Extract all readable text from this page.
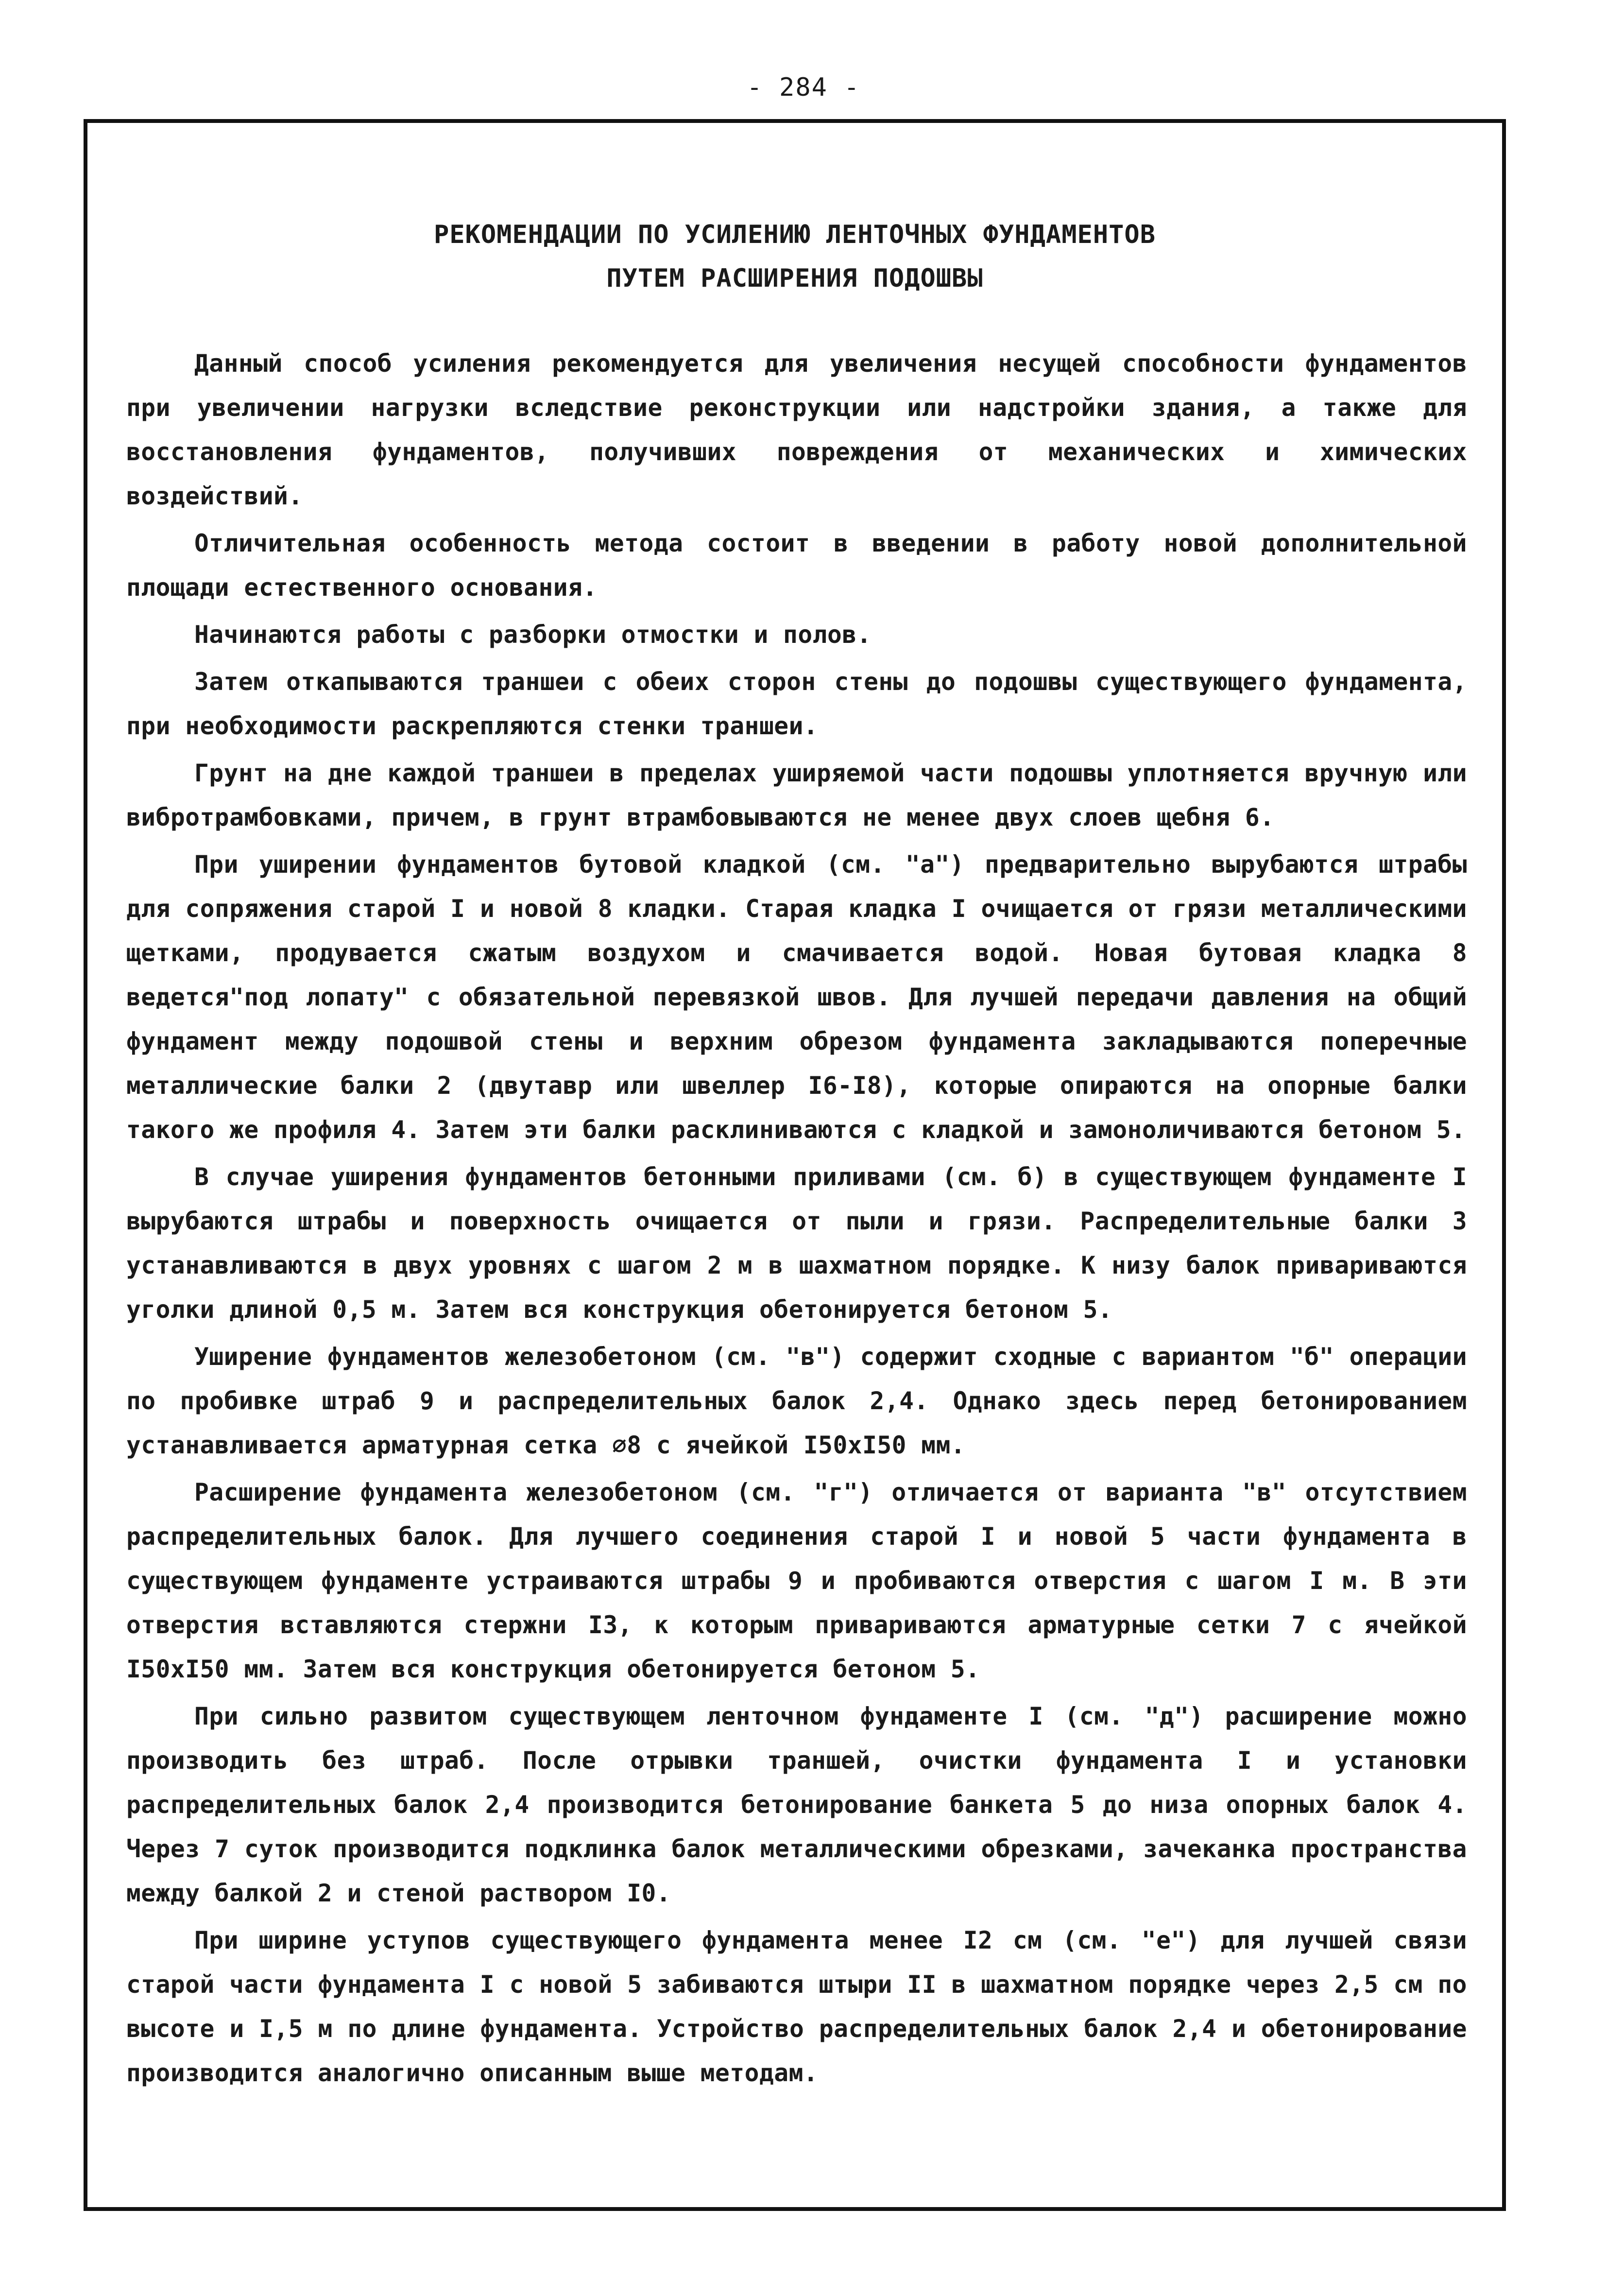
- 284 -
РЕКОМЕНДАЦИИ ПО УСИЛЕНИЮ ЛЕНТОЧНЫХ ФУНДАМЕНТОВ
ПУТЕМ РАСШИРЕНИЯ ПОДОШВЫ

Данный способ усиления рекомендуется для увеличения несущей способности фундаментов при увеличении нагрузки вследствие реконструкции или надстройки здания, а также для восстановления фундаментов, получивших повреждения от механических и химических воздействий.

Отличительная особенность метода состоит в введении в работу новой дополнительной площади естественного основания.

Начинаются работы с разборки отмостки и полов.

Затем откапываются траншеи с обеих сторон стены до подошвы существующего фундамента, при необходимости раскрепляются стенки траншеи.

Грунт на дне каждой траншеи в пределах уширяемой части подошвы уплотняется вручную или вибротрамбовками, причем, в грунт втрамбовываются не менее двух слоев щебня 6.

При уширении фундаментов бутовой кладкой (см. "а") предварительно вырубаются штрабы для сопряжения старой I и новой 8 кладки. Старая кладка I очищается от грязи металлическими щетками, продувается сжатым воздухом и смачивается водой. Новая бутовая кладка 8 ведется"под лопату" с обязательной перевязкой швов. Для лучшей передачи давления на общий фундамент между подошвой стены и верхним обрезом фундамента закладываются поперечные металлические балки 2 (двутавр или швеллер I6-I8), которые опираются на опорные балки такого же профиля 4. Затем эти балки расклиниваются с кладкой и замоноличиваются бетоном 5.

В случае уширения фундаментов бетонными приливами (см. б) в существующем фундаменте I вырубаются штрабы и поверхность очищается от пыли и грязи. Распределительные балки 3 устанавливаются в двух уровнях с шагом 2 м в шахматном порядке. К низу балок привариваются уголки длиной 0,5 м. Затем вся конструкция обетонируется бетоном 5.

Уширение фундаментов железобетоном (см. "в") содержит сходные с вариантом "б" операции по пробивке штраб 9 и распределительных балок 2,4. Однако здесь перед бетонированием устанавливается арматурная сетка ⌀8 с ячейкой I50xI50 мм.

Расширение фундамента железобетоном (см. "г") отличается от варианта "в" отсутствием распределительных балок. Для лучшего соединения старой I и новой 5 части фундамента в существующем фундаменте устраиваются штрабы 9 и пробиваются отверстия с шагом I м. В эти отверстия вставляются стержни I3, к которым привариваются арматурные сетки 7 с ячейкой I50xI50 мм. Затем вся конструкция обетонируется бетоном 5.

При сильно развитом существующем ленточном фундаменте I (см. "д") расширение можно производить без штраб. После отрывки траншей, очистки фундамента I и установки распределительных балок 2,4 производится бетонирование банкета 5 до низа опорных балок 4. Через 7 суток производится подклинка балок металлическими обрезками, зачеканка пространства между балкой 2 и стеной раствором I0.

При ширине уступов существующего фундамента менее I2 см (см. "е") для лучшей связи старой части фундамента I с новой 5 забиваются штыри II в шахматном порядке через 2,5 см по высоте и I,5 м по длине фундамента. Устройство распределительных балок 2,4 и обетонирование производится аналогично описанным выше методам.
